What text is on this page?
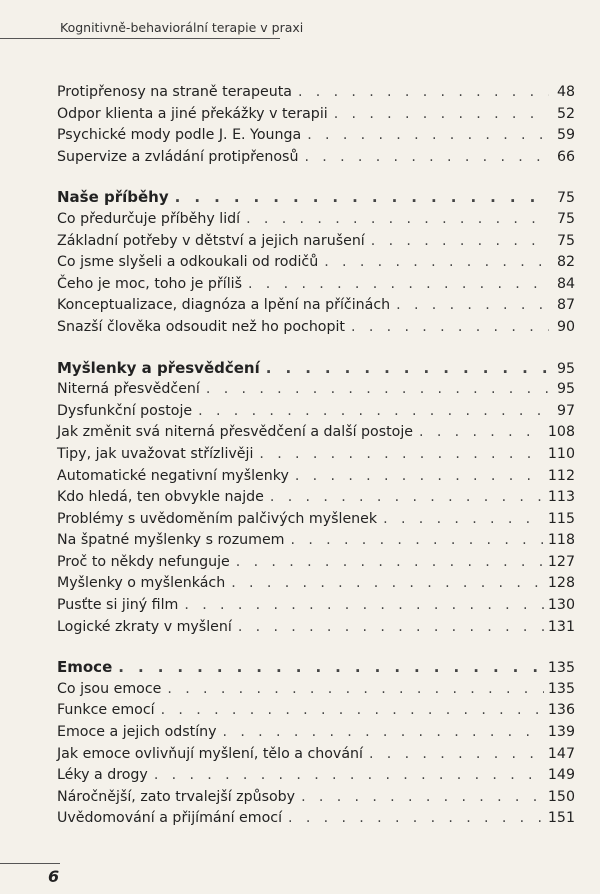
Kognitivně-behaviorální terapie v praxi
Protipřenosy na straně terapeuta . . .	48
Odpor klienta a jiné překážky v terapii . . .	52
Psychické mody podle J. E. Younga . . .	59
Supervize a zvládání protipřenosů . . .	66
Naše příběhy . . .	75
Co předurčuje příběhy lidí . . .	75
Základní potřeby v dětství a jejich narušení . . .	75
Co jsme slyšeli a odkoukali od rodičů . . .	82
Čeho je moc, toho je příliš . . .	84
Konceptualizace, diagnóza a lpění na příčinách . . .	87
Snazší člověka odsoudit než ho pochopit . . .	90
Myšlenky a přesvědčení . . .	95
Niterná přesvědčení . . .	95
Dysfunkční postoje . . .	97
Jak změnit svá niterná přesvědčení a další postoje . . .	108
Tipy, jak uvažovat střízlivěji . . .	110
Automatické negativní myšlenky . . .	112
Kdo hledá, ten obvykle najde . . .	113
Problémy s uvědoměním palčivých myšlenek . . .	115
Na špatné myšlenky s rozumem . . .	118
Proč to někdy nefunguje . . .	127
Myšlenky o myšlenkách . . .	128
Pusťte si jiný film . . .	130
Logické zkraty v myšlení . . .	131
Emoce . . .	135
Co jsou emoce . . .	135
Funkce emocí . . .	136
Emoce a jejich odstíny . . .	139
Jak emoce ovlivňují myšlení, tělo a chování . . .	147
Léky a drogy . . .	149
Náročnější, zato trvalejší způsoby . . .	150
Uvědomování a přijímání emocí . . .	151
6
